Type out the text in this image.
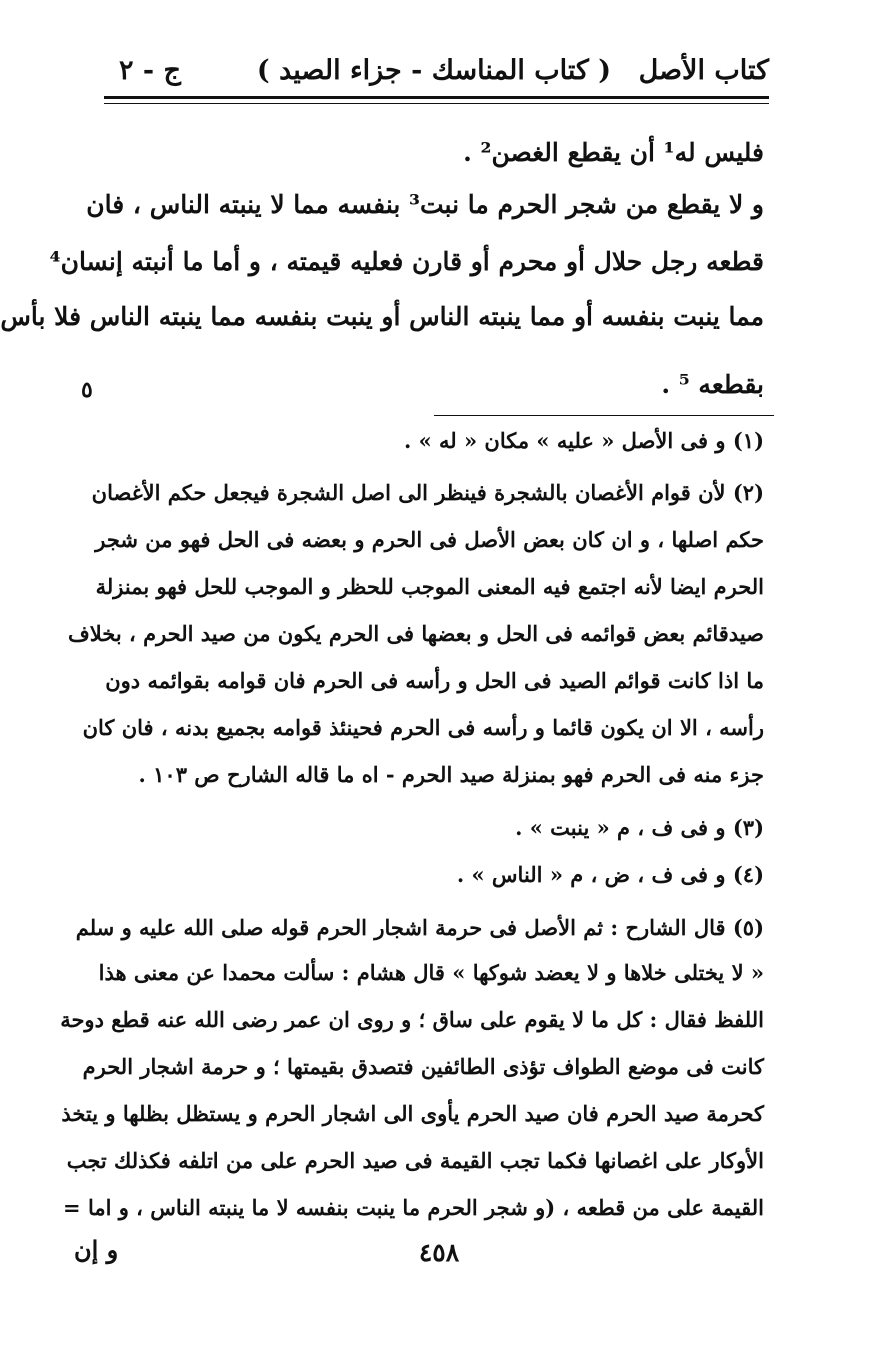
كتاب الأصل
( كتاب المناسك - جزاء الصيد )
ج - ٢
فليس له¹ أن يقطع الغصن² .
و لا يقطع من شجر الحرم ما نبت³ بنفسه مما لا ينبته الناس ، فان
قطعه رجل حلال أو محرم أو قارن فعليه قيمته ، و أما ما أنبته إنسان⁴
مما ينبت بنفسه أو مما ينبته الناس أو ينبت بنفسه مما ينبته الناس فلا بأس
بقطعه ⁵ .
٥
(١) و فى الأصل « عليه » مكان « له » .
(٢) لأن قوام الأغصان بالشجرة فينظر الى اصل الشجرة فيجعل حكم الأغصان
حكم اصلها ، و ان كان بعض الأصل فى الحرم و بعضه فى الحل فهو من شجر
الحرم ايضا لأنه اجتمع فيه المعنى الموجب للحظر و الموجب للحل فهو بمنزلة
صيدقائم بعض قوائمه فى الحل و بعضها فى الحرم يكون من صيد الحرم ، بخلاف
ما اذا كانت قوائم الصيد فى الحل و رأسه فى الحرم فان قوامه بقوائمه دون
رأسه ، الا ان يكون قائما و رأسه فى الحرم فحينئذ قوامه بجميع بدنه ، فان كان
جزء منه فى الحرم فهو بمنزلة صيد الحرم - اه ما قاله الشارح ص ١٠٣ .
(٣) و فى ف ، م « ينبت » .
(٤) و فى ف ، ض ، م « الناس » .
(٥) قال الشارح : ثم الأصل فى حرمة اشجار الحرم قوله صلى الله عليه و سلم
« لا يختلى خلاها و لا يعضد شوكها » قال هشام : سألت محمدا عن معنى هذا
اللفظ فقال : كل ما لا يقوم على ساق ؛ و روى ان عمر رضى الله عنه قطع دوحة
كانت فى موضع الطواف تؤذى الطائفين فتصدق بقيمتها ؛ و حرمة اشجار الحرم
كحرمة صيد الحرم فان صيد الحرم يأوى الى اشجار الحرم و يستظل بظلها و يتخذ
الأوكار على اغصانها فكما تجب القيمة فى صيد الحرم على من اتلفه فكذلك تجب
القيمة على من قطعه ، (و شجر الحرم ما ينبت بنفسه لا ما ينبته الناس ، و اما =
٤٥٨
و إن
